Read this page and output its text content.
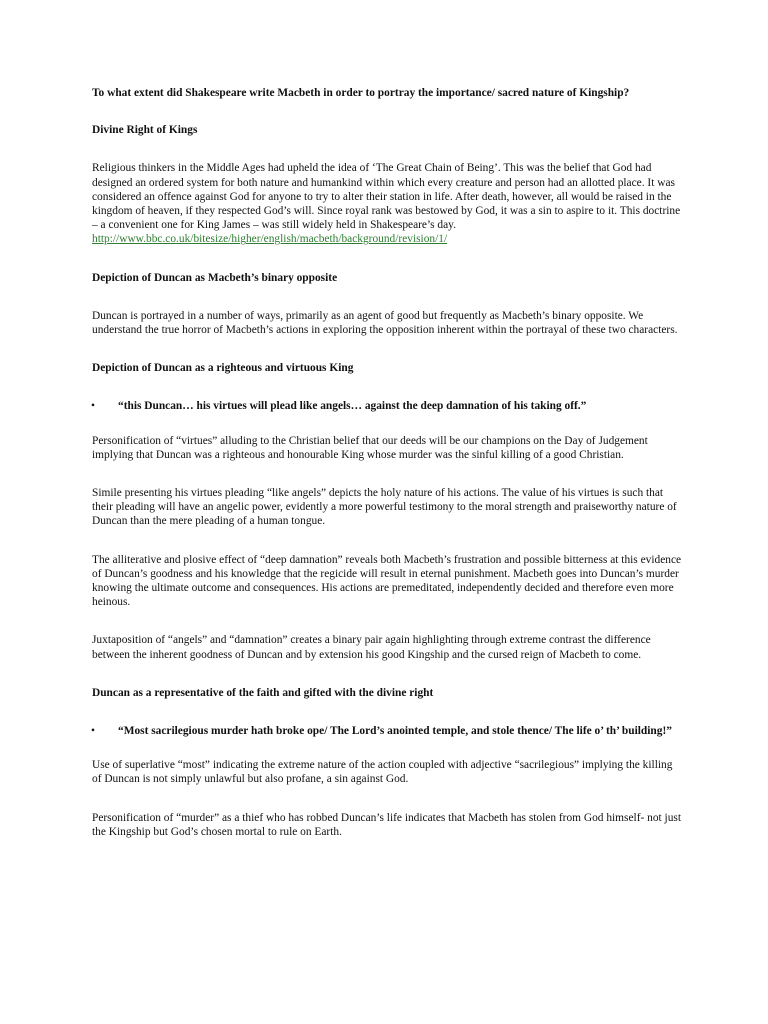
To what extent did Shakespeare write Macbeth in order to portray the importance/ sacred nature of Kingship?

Divine Right of Kings

Religious thinkers in the Middle Ages had upheld the idea of ‘The Great Chain of Being’. This was the belief that God had designed an ordered system for both nature and humankind within which every creature and person had an allotted place. It was considered an offence against God for anyone to try to alter their station in life. After death, however, all would be raised in the kingdom of heaven, if they respected God’s will. Since royal rank was bestowed by God, it was a sin to aspire to it. This doctrine – a convenient one for King James – was still widely held in Shakespeare’s day. http://www.bbc.co.uk/bitesize/higher/english/macbeth/background/revision/1/

Depiction of Duncan as Macbeth’s binary opposite

Duncan is portrayed in a number of ways, primarily as an agent of good but frequently as Macbeth’s binary opposite. We understand the true horror of Macbeth’s actions in exploring the opposition inherent within the portrayal of these two characters.

Depiction of Duncan as a righteous and virtuous King

• “this Duncan… his virtues will plead like angels… against the deep damnation of his taking off.”

Personification of “virtues” alluding to the Christian belief that our deeds will be our champions on the Day of Judgement implying that Duncan was a righteous and honourable King whose murder was the sinful killing of a good Christian.

Simile presenting his virtues pleading “like angels” depicts the holy nature of his actions. The value of his virtues is such that their pleading will have an angelic power, evidently a more powerful testimony to the moral strength and praiseworthy nature of Duncan than the mere pleading of a human tongue.

The alliterative and plosive effect of “deep damnation” reveals both Macbeth’s frustration and possible bitterness at this evidence of Duncan’s goodness and his knowledge that the regicide will result in eternal punishment. Macbeth goes into Duncan’s murder knowing the ultimate outcome and consequences. His actions are premeditated, independently decided and therefore even more heinous.

Juxtaposition of “angels” and “damnation” creates a binary pair again highlighting through extreme contrast the difference between the inherent goodness of Duncan and by extension his good Kingship and the cursed reign of Macbeth to come.

Duncan as a representative of the faith and gifted with the divine right

• “Most sacrilegious murder hath broke ope/ The Lord’s anointed temple, and stole thence/ The life o’ th’ building!”

Use of superlative “most” indicating the extreme nature of the action coupled with adjective “sacrilegious” implying the killing of Duncan is not simply unlawful but also profane, a sin against God.

Personification of “murder” as a thief who has robbed Duncan’s life indicates that Macbeth has stolen from God himself- not just the Kingship but God’s chosen mortal to rule on Earth.
